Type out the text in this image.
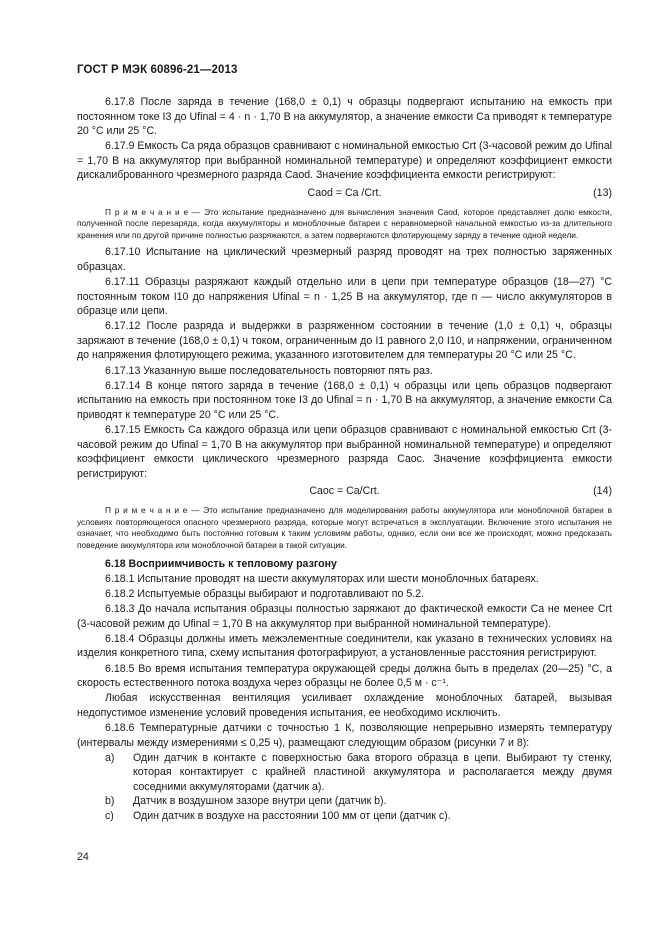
ГОСТ Р МЭК 60896-21—2013
6.17.8 После заряда в течение (168,0 ± 0,1) ч образцы подвергают испытанию на емкость при постоянном токе I3 до Ufinal = 4 · n · 1,70 В на аккумулятор, а значение емкости Ca приводят к температуре 20 °С или 25 °С.
6.17.9 Емкость Ca ряда образцов сравнивают с номинальной емкостью Crt (3-часовой режим до Ufinal = 1,70 В на аккумулятор при выбранной номинальной температуре) и определяют коэффициент емкости дискалиброванного чрезмерного разряда Caod. Значение коэффициента емкости регистрируют:
Caod = Ca /Crt.	(13)
П р и м е ч а н и е — Это испытание предназначено для вычисления значения Caod, которое представляет долю емкости, полученной после перезаряда, когда аккумуляторы и моноблочные батареи с неравномерной начальной емкостью из-за длительного хранения или по другой причине полностью разряжаются, а затем подвергаются флотирующему заряду в течение одной недели.
6.17.10 Испытание на циклический чрезмерный разряд проводят на трех полностью заряженных образцах.
6.17.11 Образцы разряжают каждый отдельно или в цепи при температуре образцов (18—27) °С постоянным током I10 до напряжения Ufinal = n · 1,25 В на аккумулятор, где n — число аккумуляторов в образце или цепи.
6.17.12 После разряда и выдержки в разряженном состоянии в течение (1,0 ± 0,1) ч, образцы заряжают в течение (168,0 ± 0,1) ч током, ограниченным до I1 равного 2,0 I10, и напряжении, ограниченном до напряжения флотирующего режима, указанного изготовителем для температуры 20 °С или 25 °С.
6.17.13 Указанную выше последовательность повторяют пять раз.
6.17.14 В конце пятого заряда в течение (168,0 ± 0,1) ч образцы или цепь образцов подвергают испытанию на емкость при постоянном токе I3 до Ufinal = n · 1,70 В на аккумулятор, а значение емкости Ca приводят к температуре 20 °С или 25 °С.
6.17.15 Емкость Ca каждого образца или цепи образцов сравнивают с номинальной емкостью Crt (3-часовой режим до Ufinal = 1,70 В на аккумулятор при выбранной номинальной температуре) и определяют коэффициент емкости циклического чрезмерного разряда Caoc. Значение коэффициента емкости регистрируют:
Caoc = Ca/Crt.	(14)
П р и м е ч а н и е — Это испытание предназначено для моделирования работы аккумулятора или моноблочной батареи в условиях повторяющегося опасного чрезмерного разряда, которые могут встречаться в эксплуатации. Включение этого испытания не означает, что необходимо быть постоянно готовым к таким условиям работы, однако, если они все же происходят, можно предсказать поведение аккумулятора или моноблочной батареи в такой ситуации.
6.18 Восприимчивость к тепловому разгону
6.18.1 Испытание проводят на шести аккумуляторах или шести моноблочных батареях.
6.18.2 Испытуемые образцы выбирают и подготавливают по 5.2.
6.18.3 До начала испытания образцы полностью заряжают до фактической емкости Ca не менее Crt (3-часовой режим до Ufinal = 1,70 В на аккумулятор при выбранной номинальной температуре).
6.18.4 Образцы должны иметь межэлементные соединители, как указано в технических условиях на изделия конкретного типа, схему испытания фотографируют, а установленные расстояния регистрируют.
6.18.5 Во время испытания температура окружающей среды должна быть в пределах (20—25) °С, а скорость естественного потока воздуха через образцы не более 0,5 м · с⁻¹.
Любая искусственная вентиляция усиливает охлаждение моноблочных батарей, вызывая недопустимое изменение условий проведения испытания, ее необходимо исключить.
6.18.6 Температурные датчики с точностью 1 К, позволяющие непрерывно измерять температуру (интервалы между измерениями ≤ 0,25 ч), размещают следующим образом (рисунки 7 и 8):
a) Один датчик в контакте с поверхностью бака второго образца в цепи. Выбирают ту стенку, которая контактирует с крайней пластиной аккумулятора и располагается между двумя соседними аккумуляторами (датчик a).
b) Датчик в воздушном зазоре внутри цепи (датчик b).
c) Один датчик в воздухе на расстоянии 100 мм от цепи (датчик c).
24
